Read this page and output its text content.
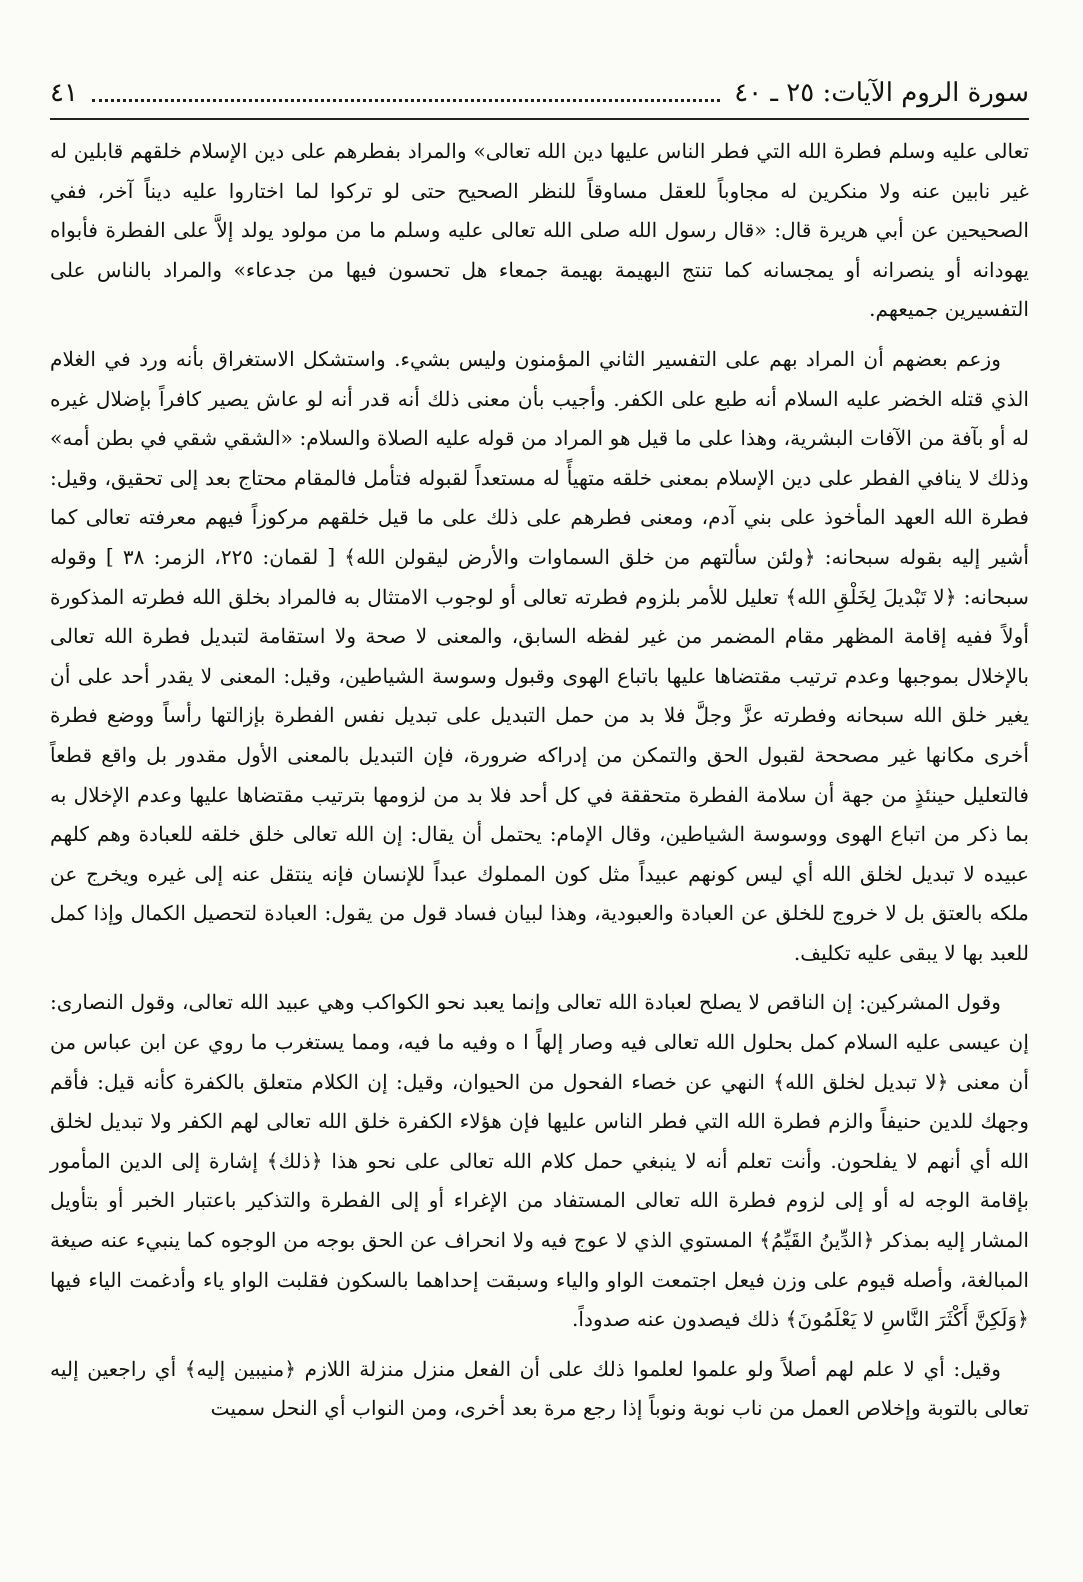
سورة الروم الآيات: ٢٥ ـ ٤٠
٤١

تعالى عليه وسلم فطرة الله التي فطر الناس عليها دين الله تعالى» والمراد بفطرهم على دين الإسلام خلقهم قابلين له غير نابين عنه ولا منكرين له مجاوباً للعقل مساوقاً للنظر الصحيح حتى لو تركوا لما اختاروا عليه ديناً آخر، ففي الصحيحين عن أبي هريرة قال: «قال رسول الله صلى الله تعالى عليه وسلم ما من مولود يولد إلاَّ على الفطرة فأبواه يهودانه أو ينصرانه أو يمجسانه كما تنتج البهيمة بهيمة جمعاء هل تحسون فيها من جدعاء» والمراد بالناس على التفسيرين جميعهم.

وزعم بعضهم أن المراد بهم على التفسير الثاني المؤمنون وليس بشيء. واستشكل الاستغراق بأنه ورد في الغلام الذي قتله الخضر عليه السلام أنه طبع على الكفر. وأجيب بأن معنى ذلك أنه قدر أنه لو عاش يصير كافراً بإضلال غيره له أو بآفة من الآفات البشرية، وهذا على ما قيل هو المراد من قوله عليه الصلاة والسلام: «الشقي شقي في بطن أمه» وذلك لا ينافي الفطر على دين الإسلام بمعنى خلقه متهيأً له مستعداً لقبوله فتأمل فالمقام محتاج بعد إلى تحقيق، وقيل: فطرة الله العهد المأخوذ على بني آدم، ومعنى فطرهم على ذلك على ما قيل خلقهم مركوزاً فيهم معرفته تعالى كما أشير إليه بقوله سبحانه: ﴿ولئن سألتهم من خلق السماوات والأرض ليقولن الله﴾ [ لقمان: ٢٢٥، الزمر: ٣٨ ] وقوله سبحانه: ﴿لا تَبْديلَ لِخَلْقِ الله﴾ تعليل للأمر بلزوم فطرته تعالى أو لوجوب الامتثال به فالمراد بخلق الله فطرته المذكورة أولاً ففيه إقامة المظهر مقام المضمر من غير لفظه السابق، والمعنى لا صحة ولا استقامة لتبديل فطرة الله تعالى بالإخلال بموجبها وعدم ترتيب مقتضاها عليها باتباع الهوى وقبول وسوسة الشياطين، وقيل: المعنى لا يقدر أحد على أن يغير خلق الله سبحانه وفطرته عزَّ وجلَّ فلا بد من حمل التبديل على تبديل نفس الفطرة بإزالتها رأساً ووضع فطرة أخرى مكانها غير مصححة لقبول الحق والتمكن من إدراكه ضرورة، فإن التبديل بالمعنى الأول مقدور بل واقع قطعاً فالتعليل حينئذٍ من جهة أن سلامة الفطرة متحققة في كل أحد فلا بد من لزومها بترتيب مقتضاها عليها وعدم الإخلال به بما ذكر من اتباع الهوى ووسوسة الشياطين، وقال الإمام: يحتمل أن يقال: إن الله تعالى خلق خلقه للعبادة وهم كلهم عبيده لا تبديل لخلق الله أي ليس كونهم عبيداً مثل كون المملوك عبداً للإنسان فإنه ينتقل عنه إلى غيره ويخرج عن ملكه بالعتق بل لا خروج للخلق عن العبادة والعبودية، وهذا لبيان فساد قول من يقول: العبادة لتحصيل الكمال وإذا كمل للعبد بها لا يبقى عليه تكليف.

وقول المشركين: إن الناقص لا يصلح لعبادة الله تعالى وإنما يعبد نحو الكواكب وهي عبيد الله تعالى، وقول النصارى: إن عيسى عليه السلام كمل بحلول الله تعالى فيه وصار إلهاً ا ه وفيه ما فيه، ومما يستغرب ما روي عن ابن عباس من أن معنى ﴿لا تبديل لخلق الله﴾ النهي عن خصاء الفحول من الحيوان، وقيل: إن الكلام متعلق بالكفرة كأنه قيل: فأقم وجهك للدين حنيفاً والزم فطرة الله التي فطر الناس عليها فإن هؤلاء الكفرة خلق الله تعالى لهم الكفر ولا تبديل لخلق الله أي أنهم لا يفلحون. وأنت تعلم أنه لا ينبغي حمل كلام الله تعالى على نحو هذا ﴿ذلك﴾ إشارة إلى الدين المأمور بإقامة الوجه له أو إلى لزوم فطرة الله تعالى المستفاد من الإغراء أو إلى الفطرة والتذكير باعتبار الخبر أو بتأويل المشار إليه بمذكر ﴿الدِّينُ القَيِّمُ﴾ المستوي الذي لا عوج فيه ولا انحراف عن الحق بوجه من الوجوه كما ينبيء عنه صيغة المبالغة، وأصله قيوم على وزن فيعل اجتمعت الواو والياء وسبقت إحداهما بالسكون فقلبت الواو ياء وأدغمت الياء فيها ﴿وَلَكِنَّ أَكْثَرَ النَّاسِ لا يَعْلَمُونَ﴾ ذلك فيصدون عنه صدوداً.

وقيل: أي لا علم لهم أصلاً ولو علموا لعلموا ذلك على أن الفعل منزل منزلة اللازم ﴿منيبين إليه﴾ أي راجعين إليه تعالى بالتوبة وإخلاص العمل من ناب نوبة ونوباً إذا رجع مرة بعد أخرى، ومن النواب أي النحل سميت
